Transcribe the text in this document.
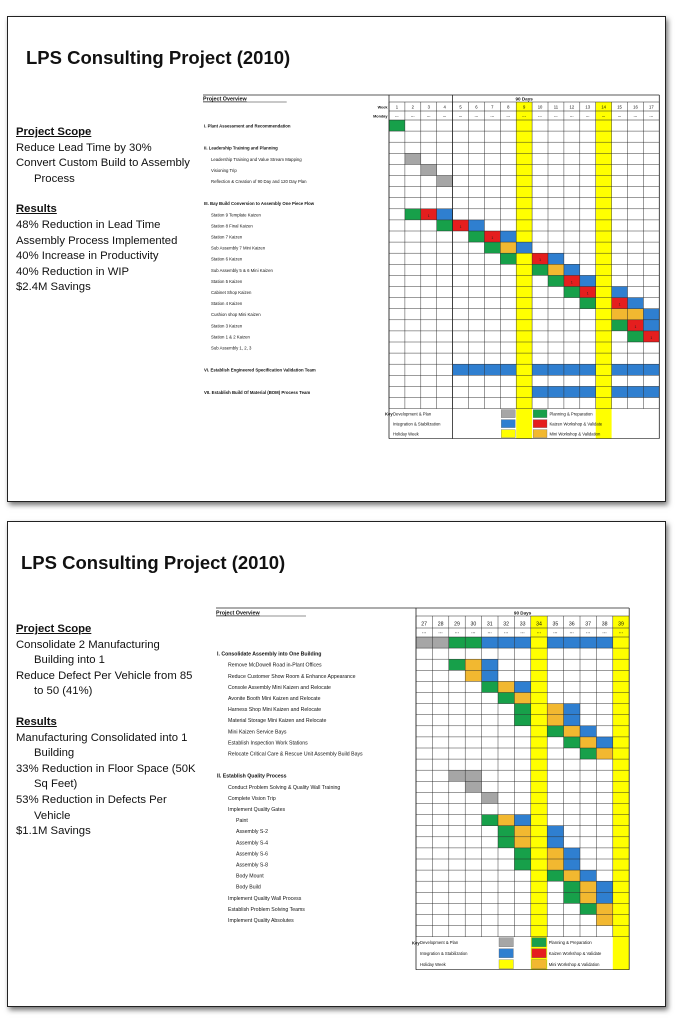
LPS Consulting Project (2010)
Project Scope
Reduce Lead Time by 30%
Convert Custom Build to Assembly
Process
Results
48% Reduction in Lead Time
Assembly Process Implemented
40% Increase in Productivity
40% Reduction in WIP
$2.4M Savings
1
1
1
1
1
1
1
1
1
Project Overview	90 Days
Week
Monday
1
···
2
···
3
···
4
···
5
···
6
···
7
···
8
···
9
···
10
···
11
···
12
···
13
···
14
···
15
···
16
···
17
···
I. Plant Assessment and Recommendation
II. Leadership Training and Planning
Leadership Training and Value Stream Mapping
Visioning Trip
Reflection & Creation of 90 Day and 120 Day Plan
III. Bay Build Conversion to Assembly One Piece Flow
Station 9 Template Kaizen
Station 8 Final Kaizen
Station 7 Kaizen
Sub Assembly 7 Mini Kaizen
Station 6 Kaizen
Sub Assembly 5 & 6 Mini Kaizen
Station 5 Kaizen
Cabinet Shop Kaizen
Station 4 Kaizen
Cushion shop Mini Kaizen
Station 3 Kaizen
Station 1 & 2 Kaizen
Sub Assembly 1, 2, 3
VI. Establish Engineered Specification Validation Team
VII. Establish Build Of Material (BOM) Process Team
Key Development & Plan
Integration & Stabilization
Holiday Week
Planning & Preparation
Kaizen Workshop & Validate
Mini Workshop & Validation
LPS Consulting Project (2010)
Project Scope
Consolidate 2 Manufacturing
Building into 1
Reduce Defect Per Vehicle from 85
to 50 (41%)
Results
Manufacturing Consolidated into 1
Building
33% Reduction in Floor Space (50K
Sq Feet)
53% Reduction in Defects Per
Vehicle
$1.1M Savings
Project Overview	90 Days
27
···
28
···
29
···
30
···
31
···
32
···
33
···
34
···
35
···
36
···
37
···
38
···
39
···
I. Consolidate Assembly into One Building
Remove McDowell Road in-Plant Offices
Reduce Customer Show Room & Enhance Appearance
Console Assembly Mini Kaizen and Relocate
Avonite Booth Mini Kaizen and Relocate
Harness Shop Mini Kaizen and Relocate
Material Storage Mini Kaizen and Relocate
Mini Kaizen Service Bays
Establish Inspection Work Stations
Relocate Critical Care & Rescue Unit Assembly Build Bays
II. Establish Quality Process
Conduct Problem Solving & Quality Wall Training
Complete Vision Trip
Implement Quality Gates
Paint
Assembly S-2
Assembly S-4
Assembly S-6
Assembly S-8
Body Mount
Body Build
Implement Quality Wall Process
Establish Problem Solving Teams
Implement Quality Absolutes
Key Development & Plan
Integration & Stabilization
Holiday Week
Planning & Preparation
Kaizen Workshop & Validate
Mini Workshop & Validation
